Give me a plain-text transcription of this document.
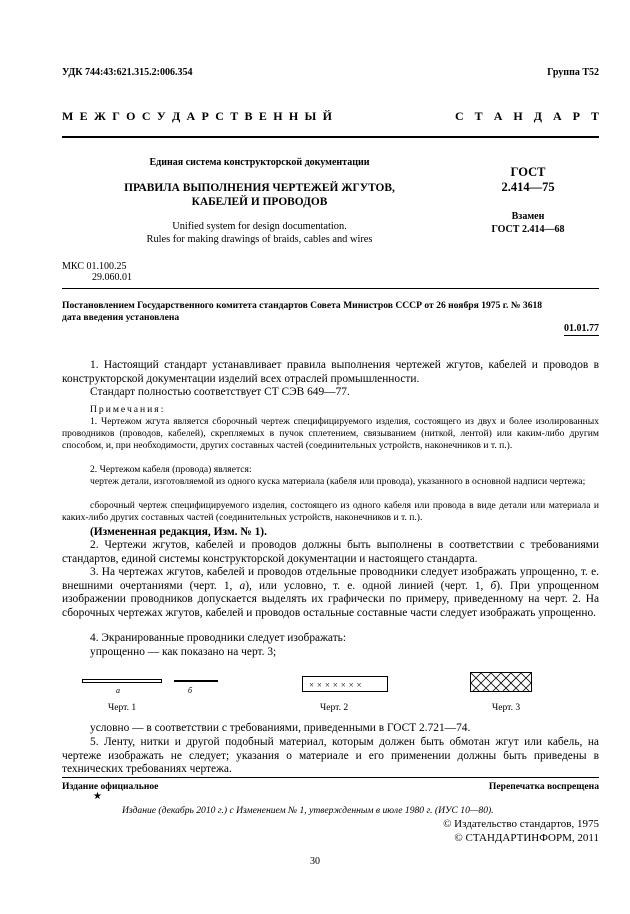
УДК 744:43:621.315.2:006.354	Группа Т52
М Е Ж Г О С У Д А Р С Т В Е Н Н Ы Й	С Т А Н Д А Р Т
Единая система конструкторской документации
ПРАВИЛА ВЫПОЛНЕНИЯ ЧЕРТЕЖЕЙ ЖГУТОВ,
КАБЕЛЕЙ И ПРОВОДОВ
Unified system for design documentation.
Rules for making drawings of braids, cables and wires
ГОСТ
2.414—75
Взамен
ГОСТ 2.414—68
МКС 01.100.25
29.060.01
Постановлением Государственного комитета стандартов Совета Министров СССР от 26 ноября 1975 г. № 3618
дата введения установлена
01.01.77
1. Настоящий стандарт устанавливает правила выполнения чертежей жгутов, кабелей и проводов в конструкторской документации изделий всех отраслей промышленности.
Стандарт полностью соответствует СТ СЭВ 649—77.
Примечания:
1. Чертежом жгута является сборочный чертеж специфицируемого изделия, состоящего из двух и более изолированных проводников (проводов, кабелей), скрепляемых в пучок сплетением, связыванием (ниткой, лентой) или каким-либо другим способом, и, при необходимости, других составных частей (соединительных устройств, наконечников и т. п.).
2. Чертежом кабеля (провода) является:
чертеж детали, изготовляемой из одного куска материала (кабеля или провода), указанного в основной надписи чертежа;
сборочный чертеж специфицируемого изделия, состоящего из одного кабеля или провода в виде детали или материала и каких-либо других составных частей (соединительных устройств, наконечников и т. п.).
(Измененная редакция, Изм. № 1).
2. Чертежи жгутов, кабелей и проводов должны быть выполнены в соответствии с требованиями стандартов, единой системы конструкторской документации и настоящего стандарта.
3. На чертежах жгутов, кабелей и проводов отдельные проводники следует изображать упрощенно, т. е. внешними очертаниями (черт. 1, а), или условно, т. е. одной линией (черт. 1, б). При упрощенном изображении проводников допускается выделять их графически по примеру, приведенному на черт. 2. На сборочных чертежах жгутов, кабелей и проводов остальные составные части следует изображать упрощенно.
4. Экранированные проводники следует изображать:
упрощенно — как показано на черт. 3;
а	б
Черт. 1
× × × × × × ×
Черт. 2	Черт. 3
условно — в соответствии с требованиями, приведенными в ГОСТ 2.721—74.
5. Ленту, нитки и другой подобный материал, которым должен быть обмотан жгут или кабель, на чертеже изображать не следует; указания о материале и его применении должны быть приведены в технических требованиях чертежа.
Издание официальное	Перепечатка воспрещена
★
Издание (декабрь 2010 г.) с Изменением № 1, утвержденным в июле 1980 г. (ИУС 10—80).
© Издательство стандартов, 1975
© СТАНДАРТИНФОРМ, 2011
30
